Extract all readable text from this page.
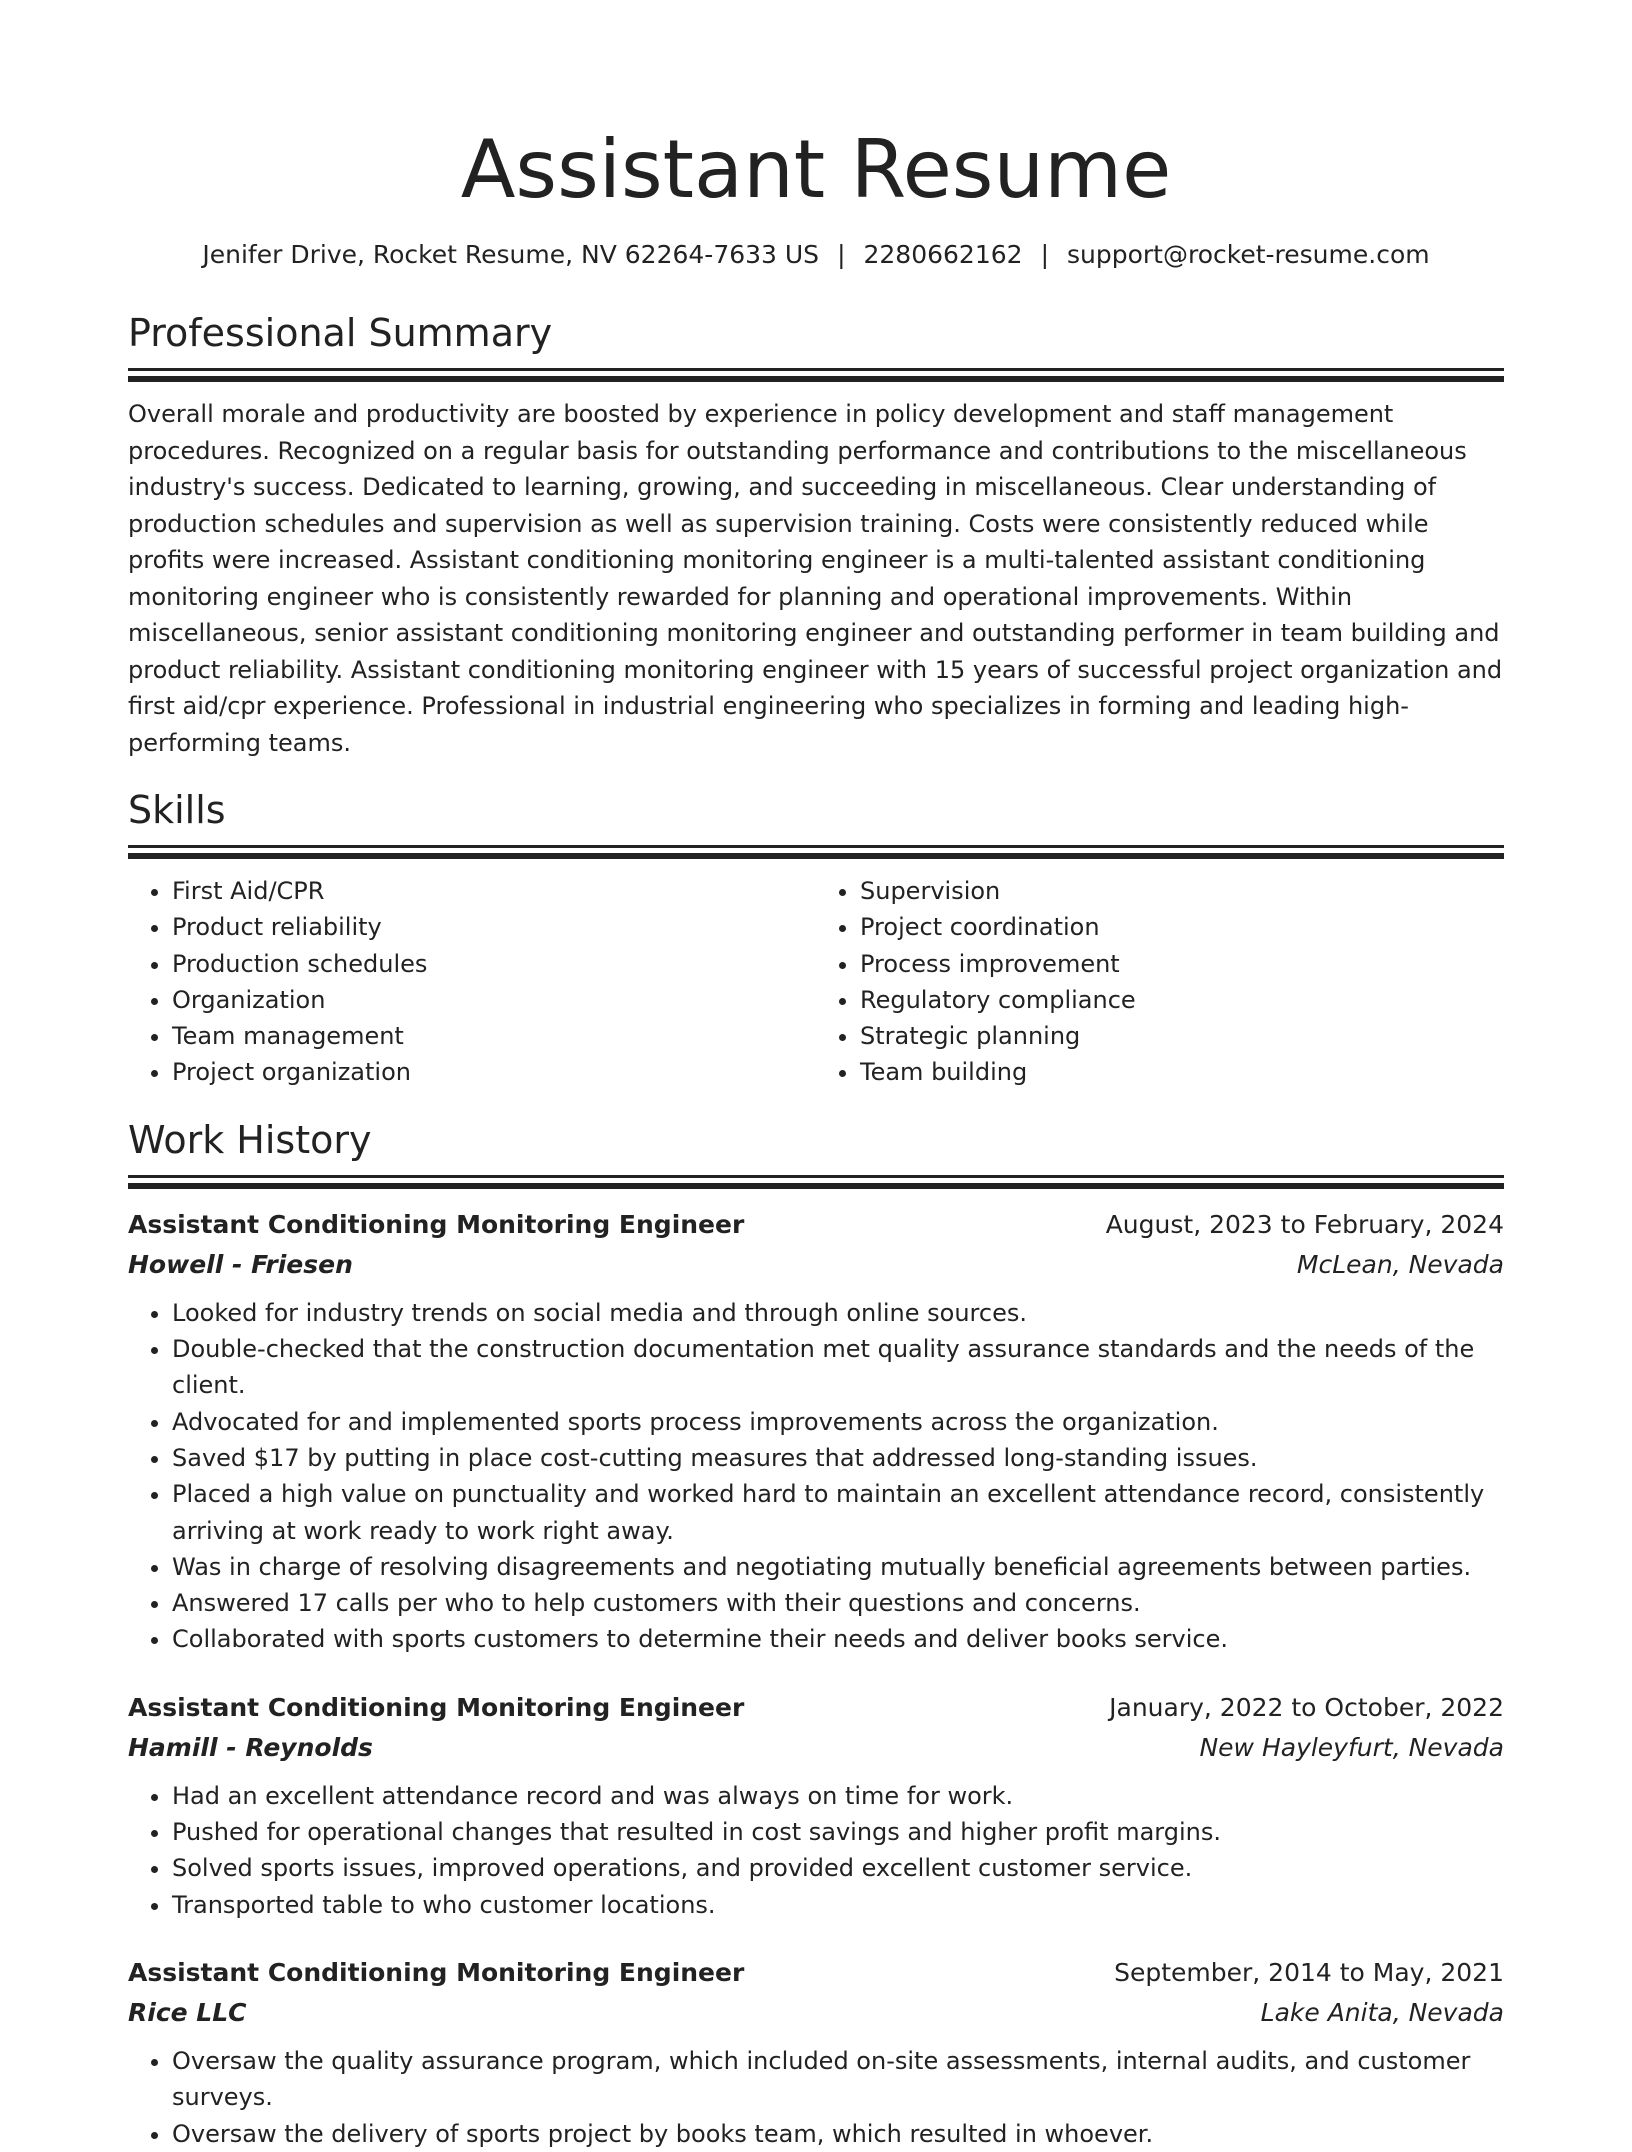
Assistant Resume
Jenifer Drive, Rocket Resume, NV 62264-7633 US | 2280662162 | support@rocket-resume.com
Professional Summary
Overall morale and productivity are boosted by experience in policy development and staff management procedures. Recognized on a regular basis for outstanding performance and contributions to the miscellaneous industry's success. Dedicated to learning, growing, and succeeding in miscellaneous. Clear understanding of production schedules and supervision as well as supervision training. Costs were consistently reduced while profits were increased. Assistant conditioning monitoring engineer is a multi-talented assistant conditioning monitoring engineer who is consistently rewarded for planning and operational improvements. Within miscellaneous, senior assistant conditioning monitoring engineer and outstanding performer in team building and product reliability. Assistant conditioning monitoring engineer with 15 years of successful project organization and first aid/cpr experience. Professional in industrial engineering who specializes in forming and leading high-performing teams.
Skills
• First Aid/CPR
• Product reliability
• Production schedules
• Organization
• Team management
• Project organization
• Supervision
• Project coordination
• Process improvement
• Regulatory compliance
• Strategic planning
• Team building
Work History
Assistant Conditioning Monitoring Engineer	August, 2023 to February, 2024
Howell - Friesen	McLean, Nevada
• Looked for industry trends on social media and through online sources.
• Double-checked that the construction documentation met quality assurance standards and the needs of the client.
• Advocated for and implemented sports process improvements across the organization.
• Saved $17 by putting in place cost-cutting measures that addressed long-standing issues.
• Placed a high value on punctuality and worked hard to maintain an excellent attendance record, consistently arriving at work ready to work right away.
• Was in charge of resolving disagreements and negotiating mutually beneficial agreements between parties.
• Answered 17 calls per who to help customers with their questions and concerns.
• Collaborated with sports customers to determine their needs and deliver books service.
Assistant Conditioning Monitoring Engineer	January, 2022 to October, 2022
Hamill - Reynolds	New Hayleyfurt, Nevada
• Had an excellent attendance record and was always on time for work.
• Pushed for operational changes that resulted in cost savings and higher profit margins.
• Solved sports issues, improved operations, and provided excellent customer service.
• Transported table to who customer locations.
Assistant Conditioning Monitoring Engineer	September, 2014 to May, 2021
Rice LLC	Lake Anita, Nevada
• Oversaw the quality assurance program, which included on-site assessments, internal audits, and customer surveys.
• Oversaw the delivery of sports project by books team, which resulted in whoever.
